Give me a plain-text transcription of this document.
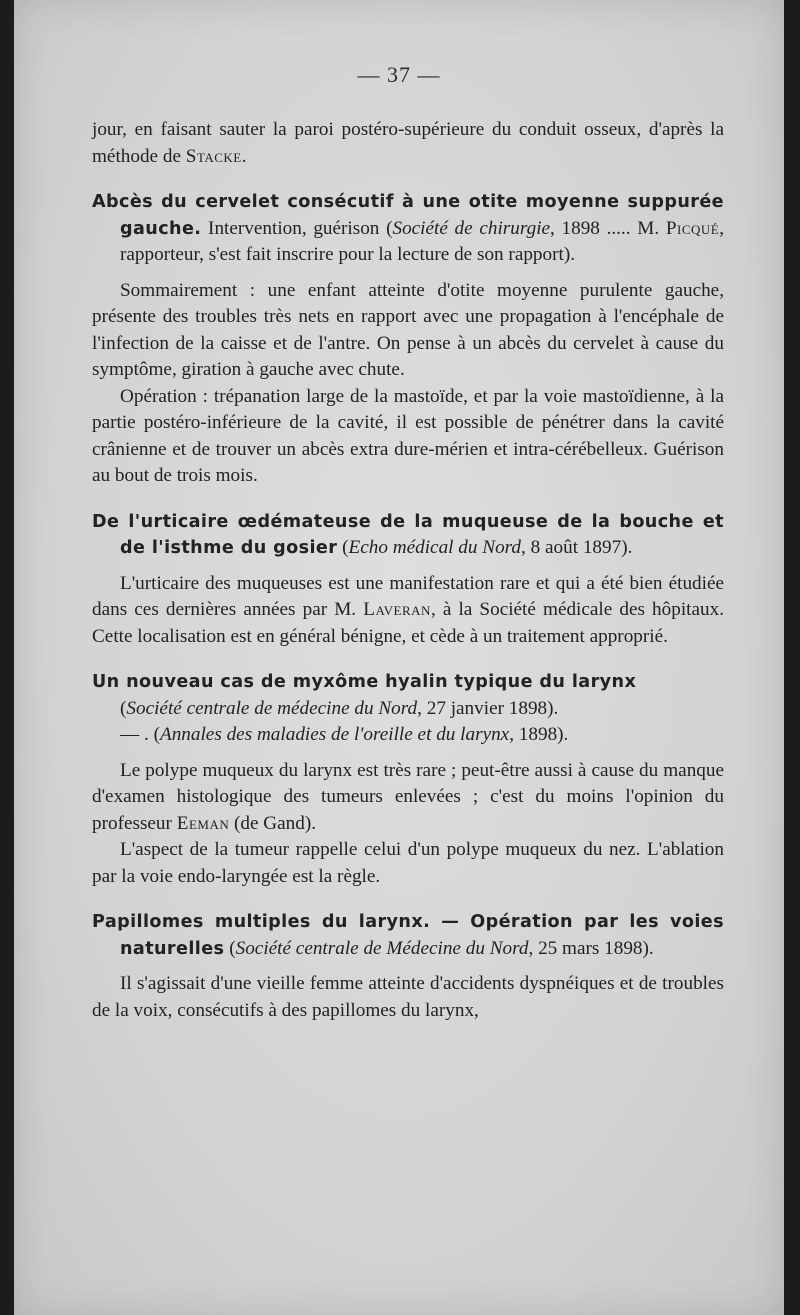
— 37 —

jour, en faisant sauter la paroi postéro-supérieure du conduit osseux, d'après la méthode de Stacke.

Abcès du cervelet consécutif à une otite moyenne suppurée gauche. Intervention, guérison (Société de chirurgie, 1898 ..... M. Picqué, rapporteur, s'est fait inscrire pour la lecture de son rapport).

Sommairement : une enfant atteinte d'otite moyenne purulente gauche, présente des troubles très nets en rapport avec une propagation à l'encéphale de l'infection de la caisse et de l'antre. On pense à un abcès du cervelet à cause du symptôme, giration à gauche avec chute.

Opération : trépanation large de la mastoïde, et par la voie mastoïdienne, à la partie postéro-inférieure de la cavité, il est possible de pénétrer dans la cavité crânienne et de trouver un abcès extra dure-mérien et intra-cérébelleux. Guérison au bout de trois mois.

De l'urticaire œdémateuse de la muqueuse de la bouche et de l'isthme du gosier (Echo médical du Nord, 8 août 1897).

L'urticaire des muqueuses est une manifestation rare et qui a été bien étudiée dans ces dernières années par M. Laveran, à la Société médicale des hôpitaux. Cette localisation est en général bénigne, et cède à un traitement approprié.

Un nouveau cas de myxôme hyalin typique du larynx
(Société centrale de médecine du Nord, 27 janvier 1898).
— . (Annales des maladies de l'oreille et du larynx, 1898).

Le polype muqueux du larynx est très rare ; peut-être aussi à cause du manque d'examen histologique des tumeurs enlevées ; c'est du moins l'opinion du professeur Eeman (de Gand).

L'aspect de la tumeur rappelle celui d'un polype muqueux du nez. L'ablation par la voie endo-laryngée est la règle.

Papillomes multiples du larynx. — Opération par les voies naturelles (Société centrale de Médecine du Nord, 25 mars 1898).

Il s'agissait d'une vieille femme atteinte d'accidents dyspnéiques et de troubles de la voix, consécutifs à des papillomes du larynx,
